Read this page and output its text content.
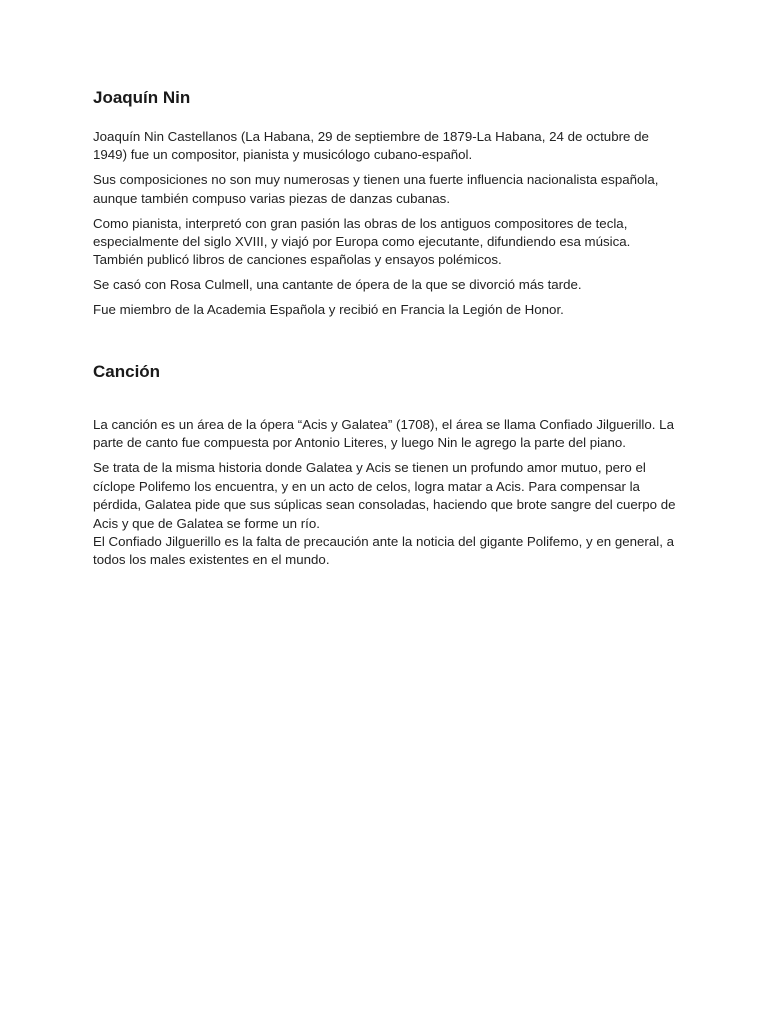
Joaquín Nin

Joaquín Nin Castellanos (La Habana, 29 de septiembre de 1879-La Habana, 24 de octubre de 1949) fue un compositor, pianista y musicólogo cubano-español.

Sus composiciones no son muy numerosas y tienen una fuerte influencia nacionalista española, aunque también compuso varias piezas de danzas cubanas.

Como pianista, interpretó con gran pasión las obras de los antiguos compositores de tecla, especialmente del siglo XVIII, y viajó por Europa como ejecutante, difundiendo esa música. También publicó libros de canciones españolas y ensayos polémicos.

Se casó con Rosa Culmell, una cantante de ópera de la que se divorció más tarde.

Fue miembro de la Academia Española y recibió en Francia la Legión de Honor.

Canción

La canción es un área de la ópera “Acis y Galatea” (1708), el área se llama Confiado Jilguerillo. La parte de canto fue compuesta por Antonio Literes, y luego Nin le agrego la parte del piano.

Se trata de la misma historia donde Galatea y Acis se tienen un profundo amor mutuo, pero el cíclope Polifemo los encuentra, y en un acto de celos, logra matar a Acis. Para compensar la pérdida, Galatea pide que sus súplicas sean consoladas, haciendo que brote sangre del cuerpo de Acis y que de Galatea se forme un río.

El Confiado Jilguerillo es la falta de precaución ante la noticia del gigante Polifemo, y en general, a todos los males existentes en el mundo.
